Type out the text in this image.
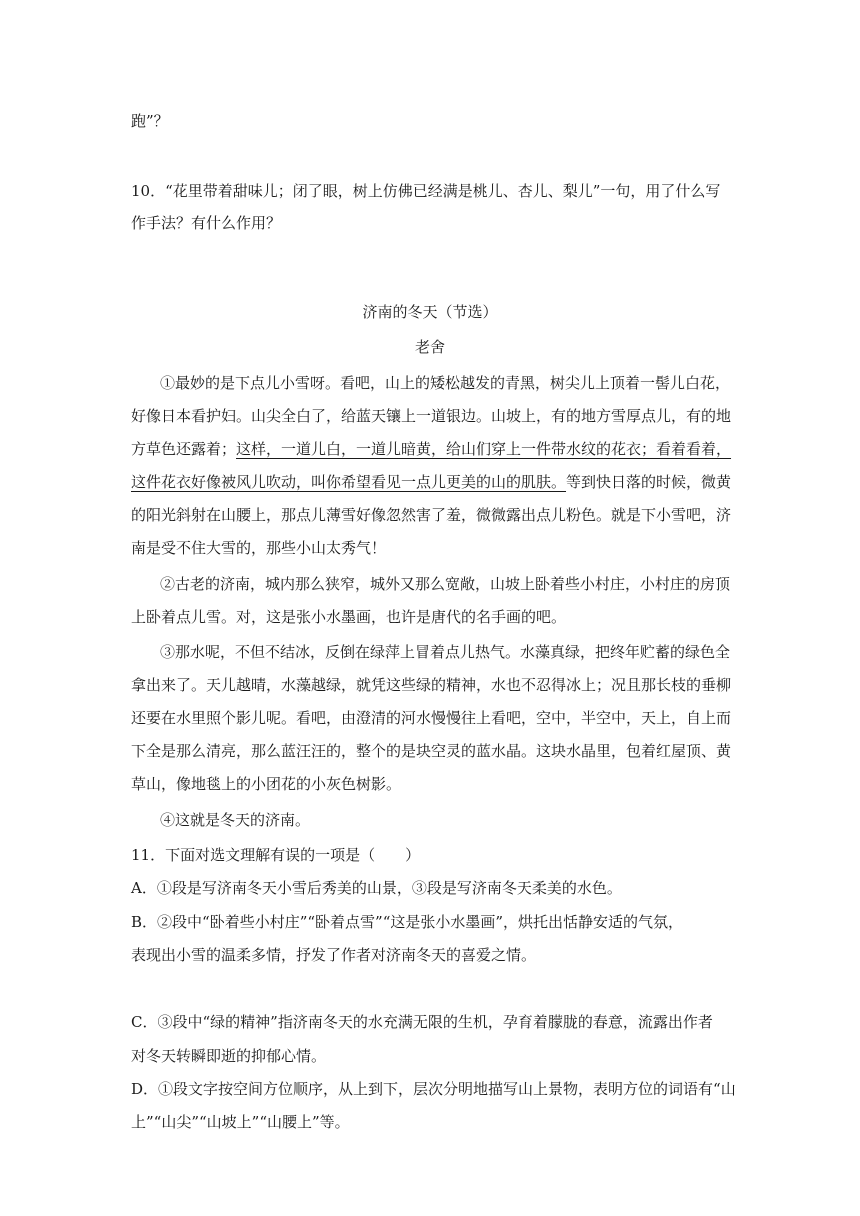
跑”？

10．“花里带着甜味儿；闭了眼，树上仿佛已经满是桃儿、杏儿、梨儿”一句，用了什么写

作手法？有什么作用？

济南的冬天（节选）

老舍

①最妙的是下点儿小雪呀。看吧，山上的矮松越发的青黑，树尖儿上顶着一髻儿白花，

好像日本看护妇。山尖全白了，给蓝天镶上一道银边。山坡上，有的地方雪厚点儿，有的地

方草色还露着；这样，一道儿白，一道儿暗黄，给山们穿上一件带水纹的花衣；看着看着，

这件花衣好像被风儿吹动，叫你希望看见一点儿更美的山的肌肤。等到快日落的时候，微黄

的阳光斜射在山腰上，那点儿薄雪好像忽然害了羞，微微露出点儿粉色。就是下小雪吧，济

南是受不住大雪的，那些小山太秀气！

②古老的济南，城内那么狭窄，城外又那么宽敞，山坡上卧着些小村庄，小村庄的房顶

上卧着点儿雪。对，这是张小水墨画，也许是唐代的名手画的吧。

③那水呢，不但不结冰，反倒在绿萍上冒着点儿热气。水藻真绿，把终年贮蓄的绿色全

拿出来了。天儿越晴，水藻越绿，就凭这些绿的精神，水也不忍得冰上；况且那长枝的垂柳

还要在水里照个影儿呢。看吧，由澄清的河水慢慢往上看吧，空中，半空中，天上，自上而

下全是那么清亮，那么蓝汪汪的，整个的是块空灵的蓝水晶。这块水晶里，包着红屋顶、黄

草山，像地毯上的小团花的小灰色树影。

④这就是冬天的济南。

11．下面对选文理解有误的一项是（　　）

A．①段是写济南冬天小雪后秀美的山景，③段是写济南冬天柔美的水色。

B．②段中“卧着些小村庄”“卧着点雪”“这是张小水墨画”，烘托出恬静安适的气氛，

表现出小雪的温柔多情，抒发了作者对济南冬天的喜爱之情。

C．③段中“绿的精神”指济南冬天的水充满无限的生机，孕育着朦胧的春意，流露出作者

对冬天转瞬即逝的抑郁心情。

D．①段文字按空间方位顺序，从上到下，层次分明地描写山上景物，表明方位的词语有“山

上”“山尖”“山坡上”“山腰上”等。
